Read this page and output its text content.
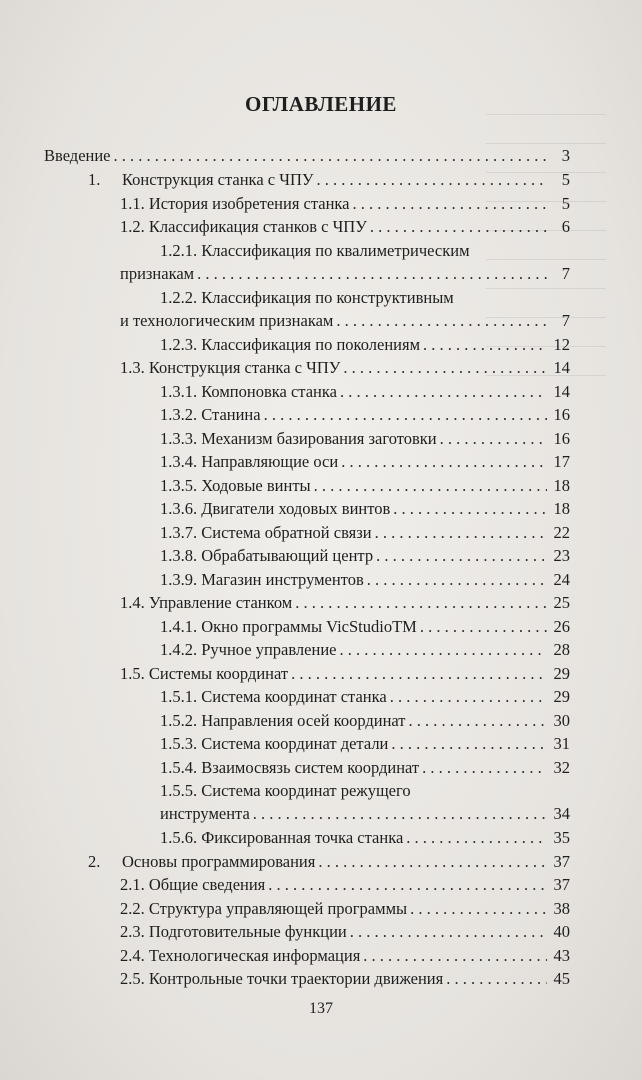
ОГЛАВЛЕНИЕ
Введение . . .	3
1.	Конструкция станка с ЧПУ . . .	5
1.1. История изобретения станка . . .	5
1.2. Классификация станков с ЧПУ . . .	6
1.2.1. Классификация по квалиметрическим
признакам . . .	7
1.2.2. Классификация по конструктивным
и технологическим признакам . . .	7
1.2.3. Классификация по поколениям . . .	12
1.3. Конструкция станка с ЧПУ . . .	14
1.3.1. Компоновка станка . . .	14
1.3.2. Станина . . .	16
1.3.3. Механизм базирования заготовки . . .	16
1.3.4. Направляющие оси . . .	17
1.3.5. Ходовые винты . . .	18
1.3.6. Двигатели ходовых винтов . . .	18
1.3.7. Система обратной связи . . .	22
1.3.8. Обрабатывающий центр . . .	23
1.3.9. Магазин инструментов . . .	24
1.4. Управление станком . . .	25
1.4.1. Окно программы VicStudioTM . . .	26
1.4.2. Ручное управление . . .	28
1.5. Системы координат . . .	29
1.5.1. Система координат станка . . .	29
1.5.2. Направления осей координат . . .	30
1.5.3. Система координат детали . . .	31
1.5.4. Взаимосвязь систем координат . . .	32
1.5.5. Система координат режущего
инструмента . . .	34
1.5.6. Фиксированная точка станка . . .	35
2.	Основы программирования . . .	37
2.1. Общие сведения . . .	37
2.2. Структура управляющей программы . . .	38
2.3. Подготовительные функции . . .	40
2.4. Технологическая информация . . .	43
2.5. Контрольные точки траектории движения . . .	45
137
